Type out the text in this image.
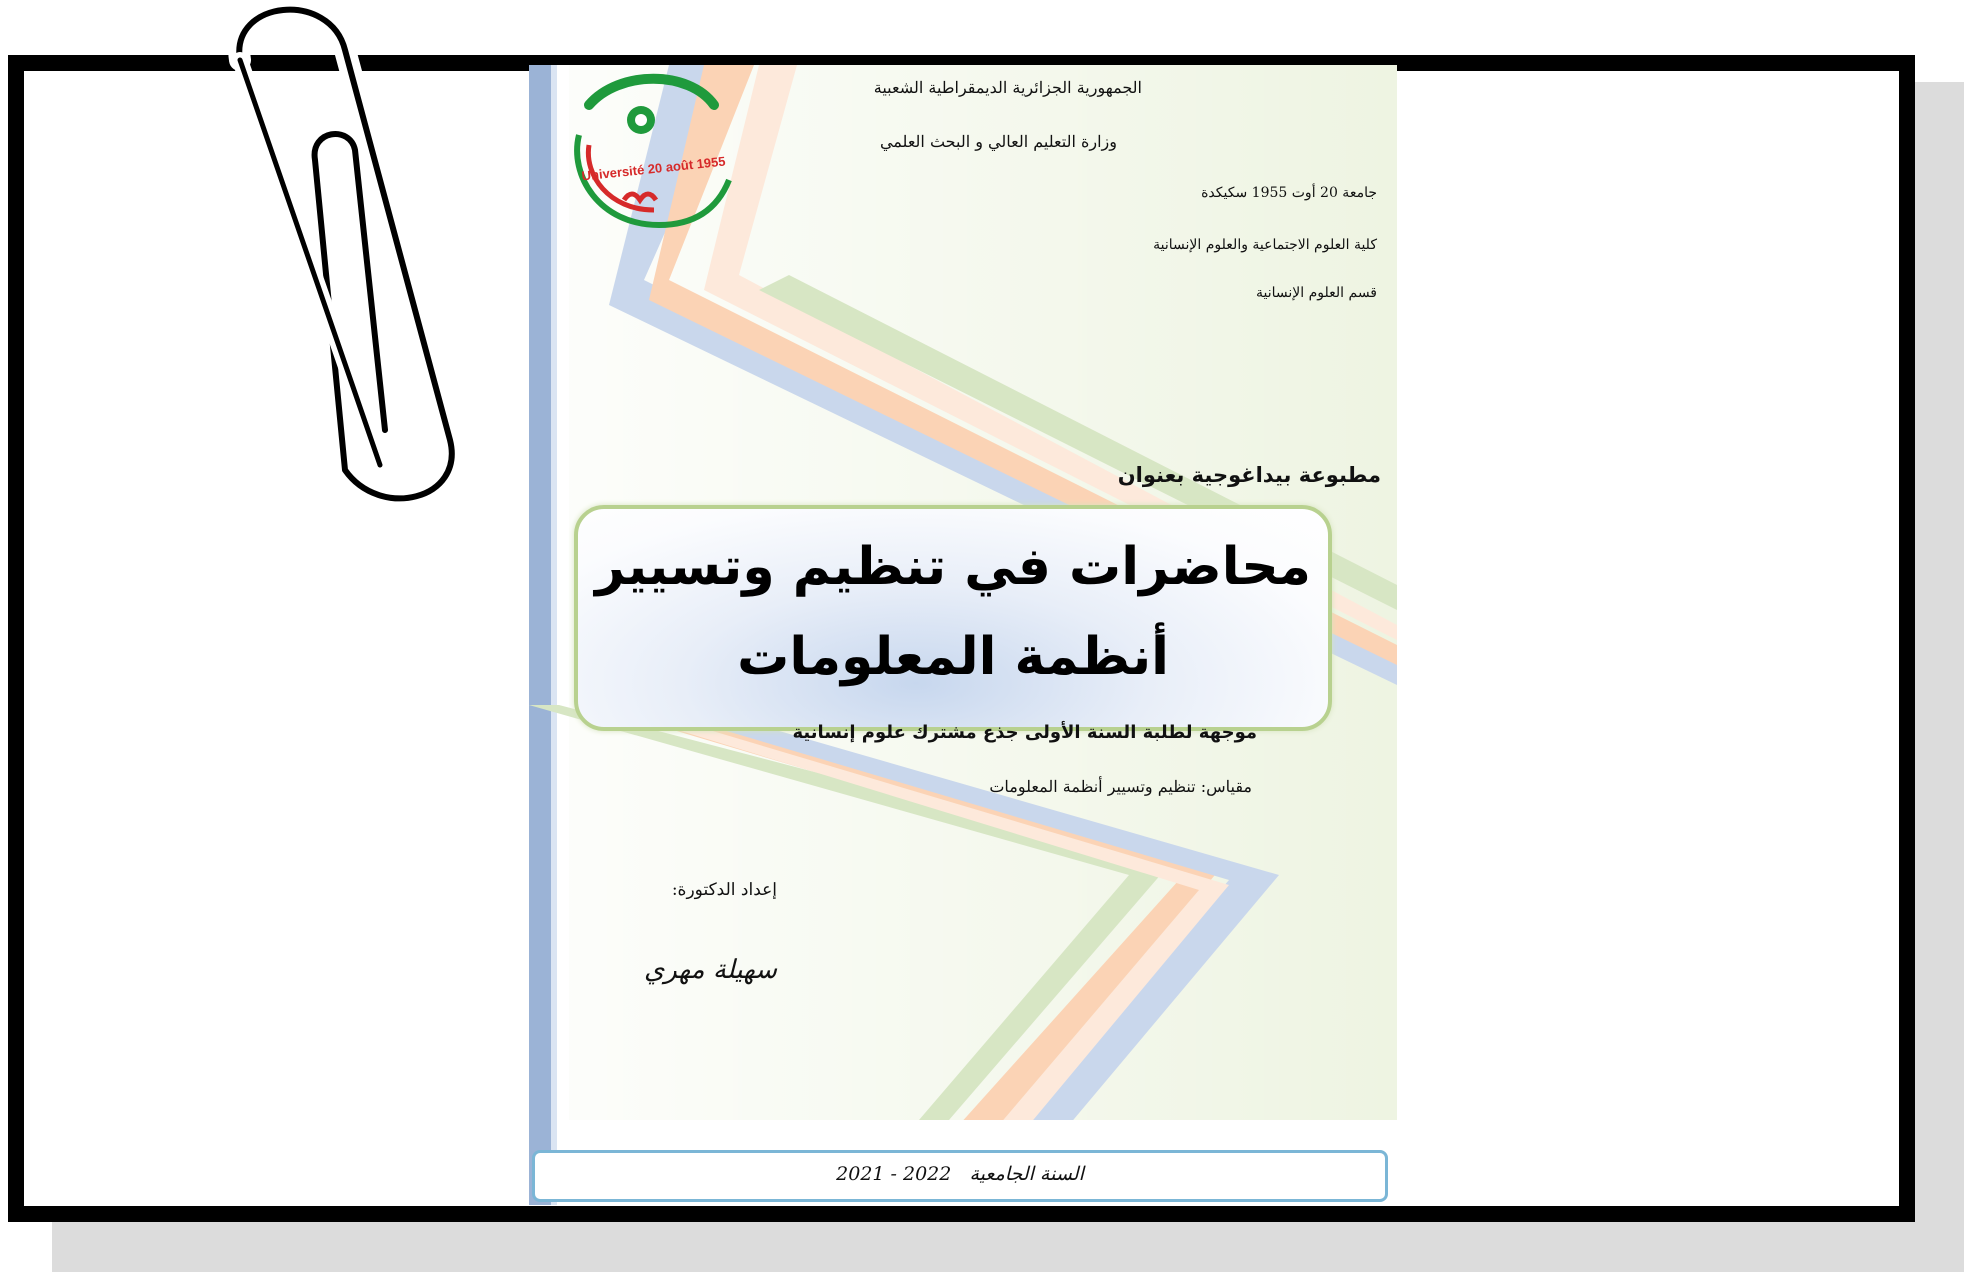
Université 20 août 1955
الجمهورية الجزائرية الديمقراطية الشعبية
وزارة التعليم العالي و البحث العلمي
جامعة 20 أوت 1955 سكيكدة
كلية العلوم الاجتماعية والعلوم الإنسانية
قسم العلوم الإنسانية
مطبوعة بيداغوجية بعنوان
محاضرات في تنظيم وتسيير
أنظمة المعلومات
موجهة لطلبة السنة الأولى جذع مشترك علوم إنسانية
مقياس: تنظيم وتسيير أنظمة المعلومات
إعداد الدكتورة:
سهيلة مهري
السنة الجامعية   2021 - 2022
